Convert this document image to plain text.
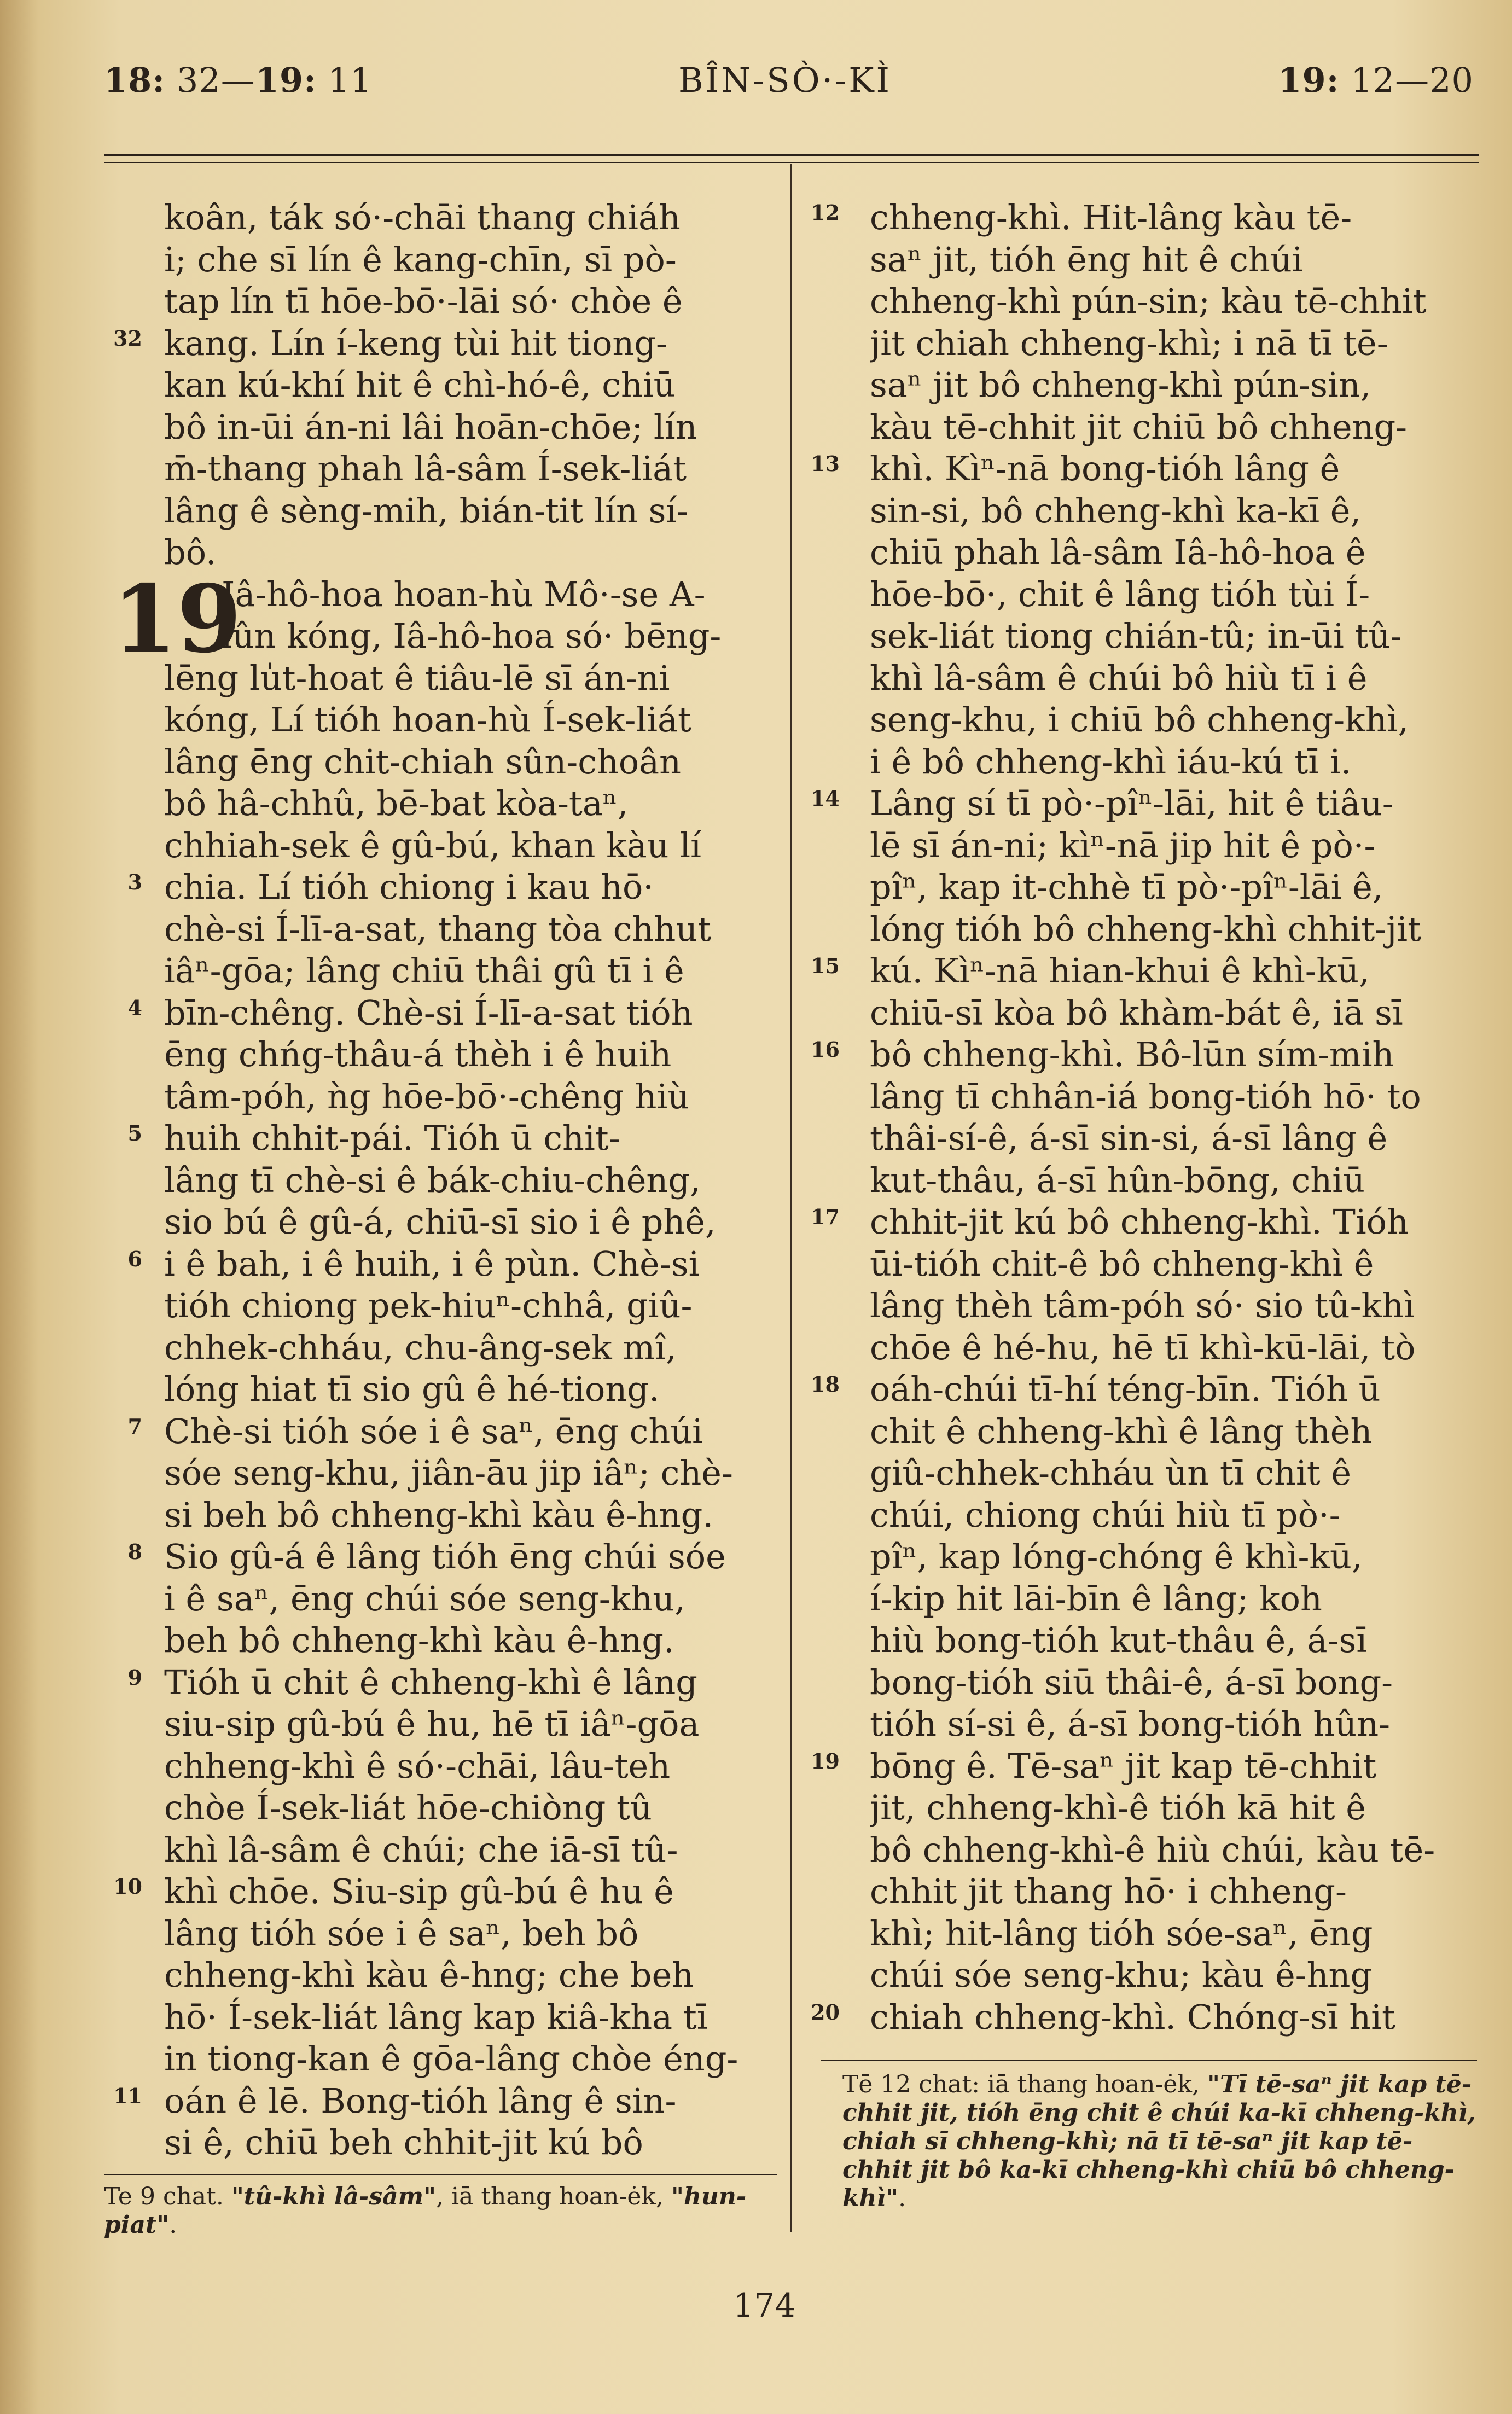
18: 32—19: 11	BÎN-SÒ·-KÌ	19: 12—20
koân, ták só·-chāi thang chiáh
i; che sī lín ê kang-chīn, sī pò-
tap lín tī hōe-bō·-lāi só· chòe ê
kang. Lín í-keng tùi hit tiong-
kan kú-khí hit ê chì-hó-ê, chiū
bô in-ūi án-ni lâi hoān-chōe; lín
m̄-thang phah lâ-sâm Í-sek-liát
lâng ê sèng-mih, bián-tit lín sí-
bô.
Iâ-hô-hoa hoan-hù Mô·-se A-
lûn kóng, Iâ-hô-hoa só· bēng-
lēng lu̍t-hoat ê tiâu-lē sī án-ni
kóng, Lí tióh hoan-hù Í-sek-liát
lâng ēng chit-chiah sûn-choân
bô hâ-chhû, bē-bat kòa-taⁿ,
chhiah-sek ê gû-bú, khan kàu lí
chia. Lí tióh chiong i kau hō·
chè-si Í-lī-a-sat, thang tòa chhut
iâⁿ-gōa; lâng chiū thâi gû tī i ê
bīn-chêng. Chè-si Í-lī-a-sat tióh
ēng chńg-thâu-á thèh i ê huih
tâm-póh, ǹg hōe-bō·-chêng hiù
huih chhit-pái. Tióh ū chit-
lâng tī chè-si ê bák-chiu-chêng,
sio bú ê gû-á, chiū-sī sio i ê phê,
i ê bah, i ê huih, i ê pùn. Chè-si
tióh chiong pek-hiuⁿ-chhâ, giû-
chhek-chháu, chu-âng-sek mî,
lóng hiat tī sio gû ê hé-tiong.
Chè-si tióh sóe i ê saⁿ, ēng chúi
sóe seng-khu, jiân-āu jip iâⁿ; chè-
si beh bô chheng-khì kàu ê-hng.
Sio gû-á ê lâng tióh ēng chúi sóe
i ê saⁿ, ēng chúi sóe seng-khu,
beh bô chheng-khì kàu ê-hng.
Tióh ū chit ê chheng-khì ê lâng
siu-sip gû-bú ê hu, hē tī iâⁿ-gōa
chheng-khì ê só·-chāi, lâu-teh
chòe Í-sek-liát hōe-chiòng tû
khì lâ-sâm ê chúi; che iā-sī tû-
khì chōe. Siu-sip gû-bú ê hu ê
lâng tióh sóe i ê saⁿ, beh bô
chheng-khì kàu ê-hng; che beh
hō· Í-sek-liát lâng kap kiâ-kha tī
in tiong-kan ê gōa-lâng chòe éng-
oán ê lē. Bong-tióh lâng ê sin-
si ê, chiū beh chhit-jit kú bô
chheng-khì. Hit-lâng kàu tē-
saⁿ jit, tióh ēng hit ê chúi
chheng-khì pún-sin; kàu tē-chhit
jit chiah chheng-khì; i nā tī tē-
saⁿ jit bô chheng-khì pún-sin,
kàu tē-chhit jit chiū bô chheng-
khì. Kìⁿ-nā bong-tióh lâng ê
sin-si, bô chheng-khì ka-kī ê,
chiū phah lâ-sâm Iâ-hô-hoa ê
hōe-bō·, chit ê lâng tióh tùi Í-
sek-liát tiong chián-tû; in-ūi tû-
khì lâ-sâm ê chúi bô hiù tī i ê
seng-khu, i chiū bô chheng-khì,
i ê bô chheng-khì iáu-kú tī i.
Lâng sí tī pò·-pîⁿ-lāi, hit ê tiâu-
lē sī án-ni; kìⁿ-nā jip hit ê pò·-
pîⁿ, kap it-chhè tī pò·-pîⁿ-lāi ê,
lóng tióh bô chheng-khì chhit-jit
kú. Kìⁿ-nā hian-khui ê khì-kū,
chiū-sī kòa bô khàm-bát ê, iā sī
bô chheng-khì. Bô-lūn sím-mih
lâng tī chhân-iá bong-tióh hō· to
thâi-sí-ê, á-sī sin-si, á-sī lâng ê
kut-thâu, á-sī hûn-bōng, chiū
chhit-jit kú bô chheng-khì. Tióh
ūi-tióh chit-ê bô chheng-khì ê
lâng thèh tâm-póh só· sio tû-khì
chōe ê hé-hu, hē tī khì-kū-lāi, tò
oáh-chúi tī-hí téng-bīn. Tióh ū
chit ê chheng-khì ê lâng thèh
giû-chhek-chháu ùn tī chit ê
chúi, chiong chúi hiù tī pò·-
pîⁿ, kap lóng-chóng ê khì-kū,
í-kip hit lāi-bīn ê lâng; koh
hiù bong-tióh kut-thâu ê, á-sī
bong-tióh siū thâi-ê, á-sī bong-
tióh sí-si ê, á-sī bong-tióh hûn-
bōng ê. Tē-saⁿ jit kap tē-chhit
jit, chheng-khì-ê tióh kā hit ê
bô chheng-khì-ê hiù chúi, kàu tē-
chhit jit thang hō· i chheng-
khì; hit-lâng tióh sóe-saⁿ, ēng
chúi sóe seng-khu; kàu ê-hng
chiah chheng-khì. Chóng-sī hit
19
Te 9 chat. "tû-khì lâ-sâm", iā thang hoan-ėk, "hun-piat".
Tē 12 chat: iā thang hoan-ėk, "Tī tē-saⁿ jit kap tē-chhit jit, tióh ēng chit ê chúi ka-kī chheng-khì, chiah sī chheng-khì; nā tī tē-saⁿ jit kap tē-chhit jit bô ka-kī chheng-khì chiū bô chheng-khì".
174
32
3
4
5
6
7
8
9
10
11
12
13
14
15
16
17
18
19
20
